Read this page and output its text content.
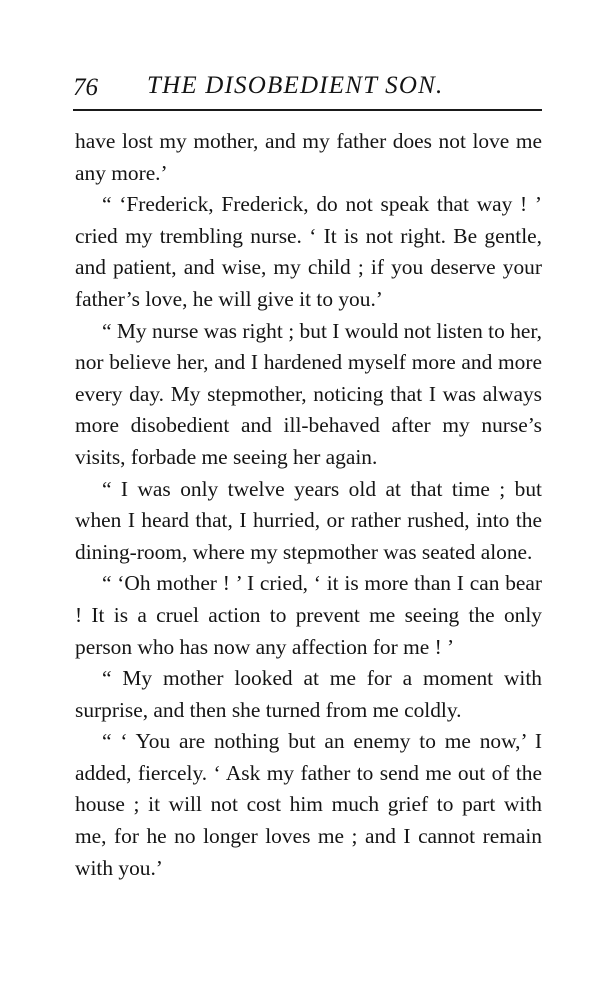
76 THE DISOBEDIENT SON.

have lost my mother, and my father does not love me any more.’

“ ‘Frederick, Frederick, do not speak that way ! ’ cried my trembling nurse. ‘ It is not right. Be gentle, and patient, and wise, my child ; if you deserve your father’s love, he will give it to you.’

“ My nurse was right ; but I would not listen to her, nor believe her, and I hardened myself more and more every day. My stepmother, noticing that I was always more disobedient and ill-behaved after my nurse’s visits, forbade me seeing her again.

“ I was only twelve years old at that time ; but when I heard that, I hurried, or rather rushed, into the dining-room, where my stepmother was seated alone.

“ ‘Oh mother ! ’ I cried, ‘ it is more than I can bear ! It is a cruel action to prevent me seeing the only person who has now any affection for me ! ’

“ My mother looked at me for a moment with surprise, and then she turned from me coldly.

“ ‘ You are nothing but an enemy to me now,’ I added, fiercely. ‘ Ask my father to send me out of the house ; it will not cost him much grief to part with me, for he no longer loves me ; and I cannot remain with you.’
